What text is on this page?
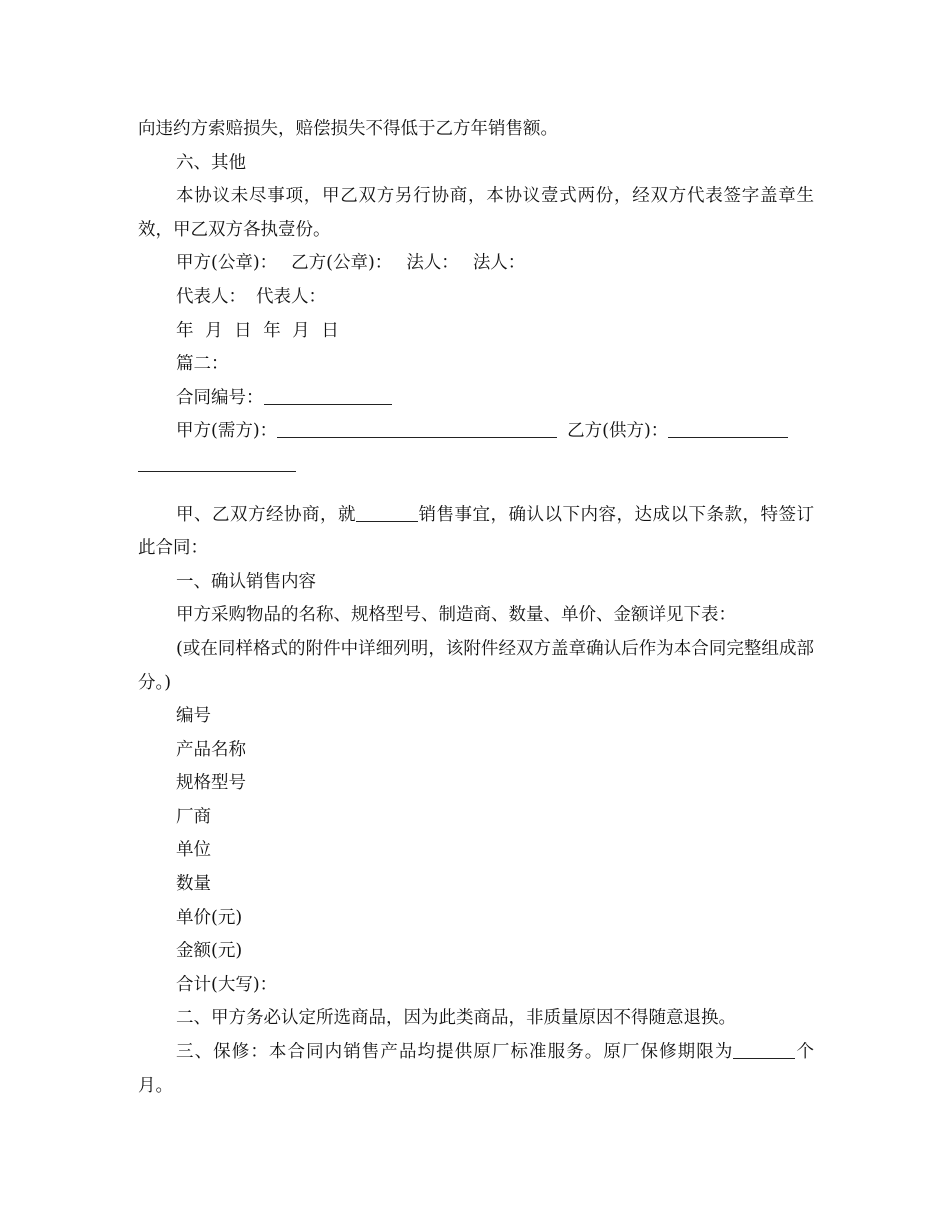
向违约方索赔损失，赔偿损失不得低于乙方年销售额。

六、其他

本协议未尽事项，甲乙双方另行协商，本协议壹式两份，经双方代表签字盖章生效，甲乙双方各执壹份。

甲方(公章)： 乙方(公章)： 法人： 法人：

代表人： 代表人：

年 月 日 年 月 日

篇二：

合同编号：

甲方(需方)：	乙方(供方)：

甲、乙双方经协商，就	销售事宜，确认以下内容，达成以下条款，特签订此合同：

一、确认销售内容

甲方采购物品的名称、规格型号、制造商、数量、单价、金额详见下表：

(或在同样格式的附件中详细列明，该附件经双方盖章确认后作为本合同完整组成部分。)

编号

产品名称

规格型号

厂商

单位

数量

单价(元)

金额(元)

合计(大写)：

二、甲方务必认定所选商品，因为此类商品，非质量原因不得随意退换。

三、保修：本合同内销售产品均提供原厂标准服务。原厂保修期限为	个月。
